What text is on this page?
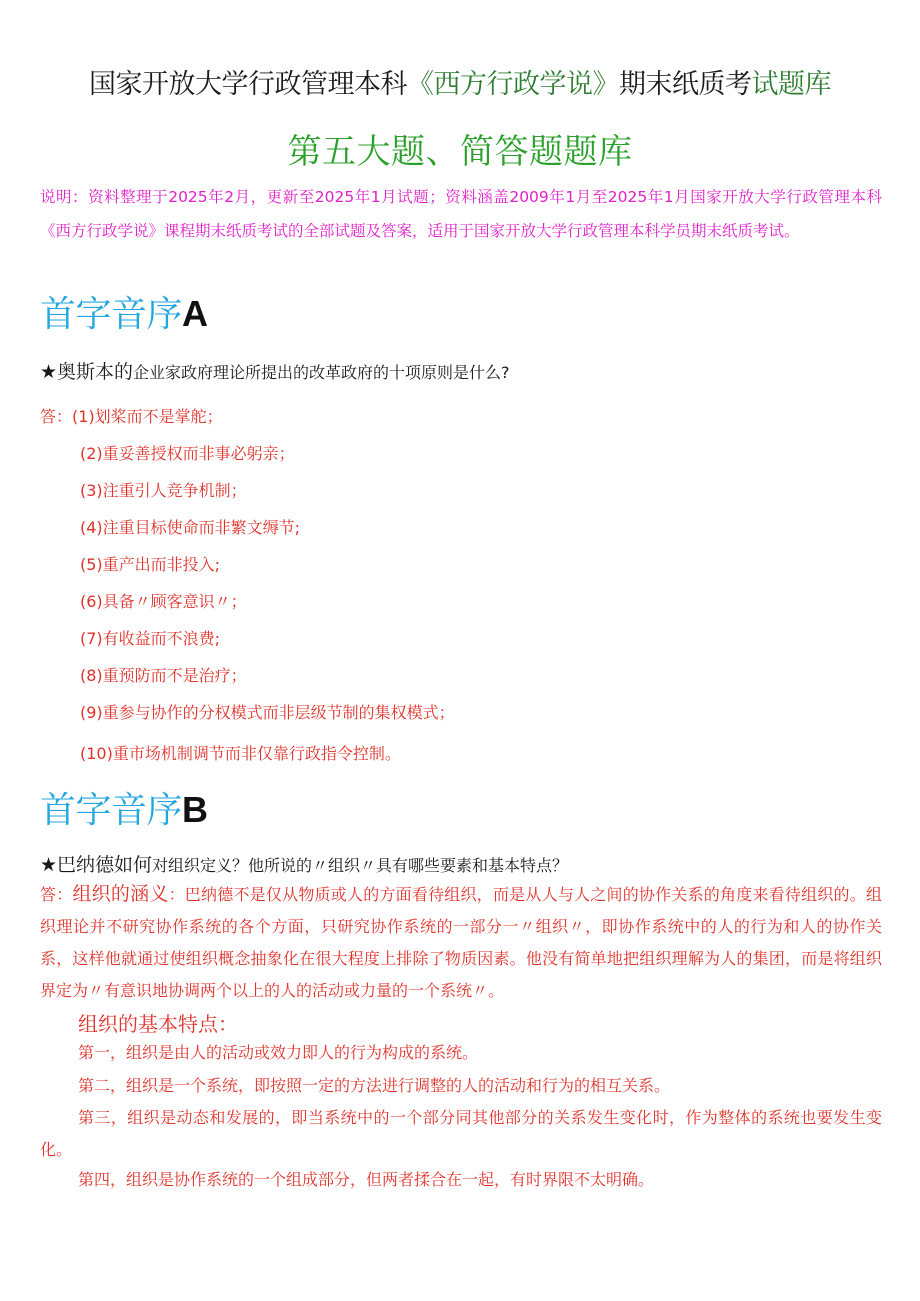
国家开放大学行政管理本科《西方行政学说》期末纸质考试题库
第五大题、简答题题库
说明：资料整理于2025年2月，更新至2025年1月试题；资料涵盖2009年1月至2025年1月国家开放大学行政管理本科《西方行政学说》课程期末纸质考试的全部试题及答案，适用于国家开放大学行政管理本科学员期末纸质考试。
首字音序A
★奥斯本的企业家政府理论所提出的改革政府的十项原则是什么?
答：(1)划桨而不是掌舵；
(2)重妥善授权而非事必躬亲；
(3)注重引人竞争机制；
(4)注重目标使命而非繁文缛节;
(5)重产出而非投入;
(6)具备〃顾客意识〃；
(7)有收益而不浪费;
(8)重预防而不是治疗；
(9)重参与协作的分权模式而非层级节制的集权模式；
(10)重市场机制调节而非仅靠行政指令控制。
首字音序B
★巴纳德如何对组织定义？他所说的〃组织〃具有哪些要素和基本特点？
答：组织的涵义：巴纳德不是仅从物质或人的方面看待组织，而是从人与人之间的协作关系的角度来看待组织的。组织理论并不研究协作系统的各个方面，只研究协作系统的一部分一〃组织〃，即协作系统中的人的行为和人的协作关系，这样他就通过使组织概念抽象化在很大程度上排除了物质因素。他没有简单地把组织理解为人的集团，而是将组织界定为〃有意识地协调两个以上的人的活动或力量的一个系统〃。
组织的基本特点：
第一，组织是由人的活动或效力即人的行为构成的系统。
第二，组织是一个系统，即按照一定的方法进行调整的人的活动和行为的相互关系。
第三，组织是动态和发展的，即当系统中的一个部分同其他部分的关系发生变化时，作为整体的系统也要发生变化。
第四，组织是协作系统的一个组成部分，但两者揉合在一起，有时界限不太明确。
